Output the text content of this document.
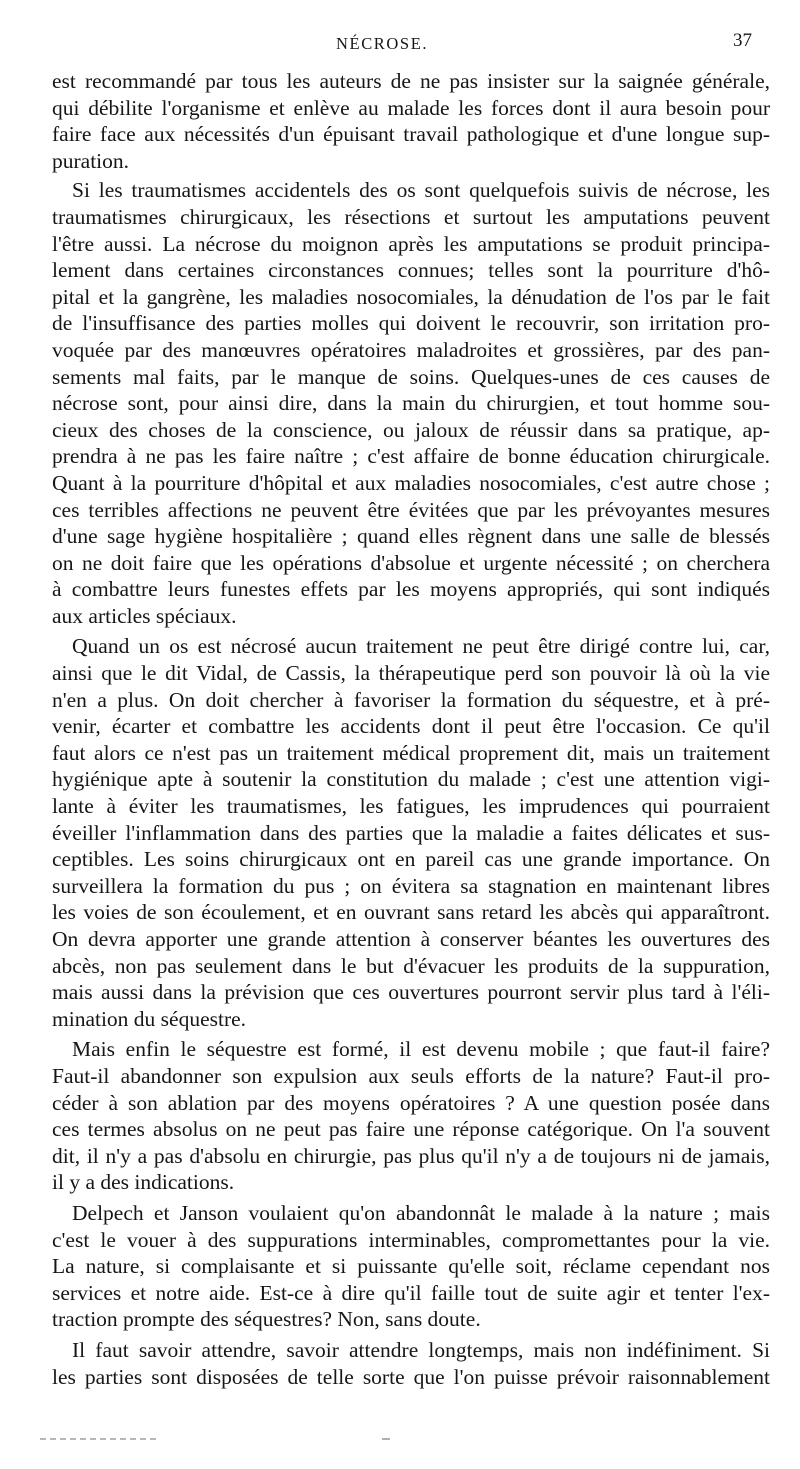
NÉCROSE.	37
est recommandé par tous les auteurs de ne pas insister sur la saignée générale,
qui débilite l'organisme et enlève au malade les forces dont il aura besoin pour
faire face aux nécessités d'un épuisant travail pathologique et d'une longue sup-
puration.
Si les traumatismes accidentels des os sont quelquefois suivis de nécrose, les
traumatismes chirurgicaux, les résections et surtout les amputations peuvent
l'être aussi. La nécrose du moignon après les amputations se produit principa-
lement dans certaines circonstances connues; telles sont la pourriture d'hô-
pital et la gangrène, les maladies nosocomiales, la dénudation de l'os par le fait
de l'insuffisance des parties molles qui doivent le recouvrir, son irritation pro-
voquée par des manœuvres opératoires maladroites et grossières, par des pan-
sements mal faits, par le manque de soins. Quelques-unes de ces causes de
nécrose sont, pour ainsi dire, dans la main du chirurgien, et tout homme sou-
cieux des choses de la conscience, ou jaloux de réussir dans sa pratique, ap-
prendra à ne pas les faire naître ; c'est affaire de bonne éducation chirurgicale.
Quant à la pourriture d'hôpital et aux maladies nosocomiales, c'est autre chose ;
ces terribles affections ne peuvent être évitées que par les prévoyantes mesures
d'une sage hygiène hospitalière ; quand elles règnent dans une salle de blessés
on ne doit faire que les opérations d'absolue et urgente nécessité ; on cherchera
à combattre leurs funestes effets par les moyens appropriés, qui sont indiqués
aux articles spéciaux.
Quand un os est nécrosé aucun traitement ne peut être dirigé contre lui, car,
ainsi que le dit Vidal, de Cassis, la thérapeutique perd son pouvoir là où la vie
n'en a plus. On doit chercher à favoriser la formation du séquestre, et à pré-
venir, écarter et combattre les accidents dont il peut être l'occasion. Ce qu'il
faut alors ce n'est pas un traitement médical proprement dit, mais un traitement
hygiénique apte à soutenir la constitution du malade ; c'est une attention vigi-
lante à éviter les traumatismes, les fatigues, les imprudences qui pourraient
éveiller l'inflammation dans des parties que la maladie a faites délicates et sus-
ceptibles. Les soins chirurgicaux ont en pareil cas une grande importance. On
surveillera la formation du pus ; on évitera sa stagnation en maintenant libres
les voies de son écoulement, et en ouvrant sans retard les abcès qui apparaîtront.
On devra apporter une grande attention à conserver béantes les ouvertures des
abcès, non pas seulement dans le but d'évacuer les produits de la suppuration,
mais aussi dans la prévision que ces ouvertures pourront servir plus tard à l'éli-
mination du séquestre.
Mais enfin le séquestre est formé, il est devenu mobile ; que faut-il faire?
Faut-il abandonner son expulsion aux seuls efforts de la nature? Faut-il pro-
céder à son ablation par des moyens opératoires ? A une question posée dans
ces termes absolus on ne peut pas faire une réponse catégorique. On l'a souvent
dit, il n'y a pas d'absolu en chirurgie, pas plus qu'il n'y a de toujours ni de jamais,
il y a des indications.
Delpech et Janson voulaient qu'on abandonnât le malade à la nature ; mais
c'est le vouer à des suppurations interminables, compromettantes pour la vie.
La nature, si complaisante et si puissante qu'elle soit, réclame cependant nos
services et notre aide. Est-ce à dire qu'il faille tout de suite agir et tenter l'ex-
traction prompte des séquestres? Non, sans doute.
Il faut savoir attendre, savoir attendre longtemps, mais non indéfiniment. Si
les parties sont disposées de telle sorte que l'on puisse prévoir raisonnablement
